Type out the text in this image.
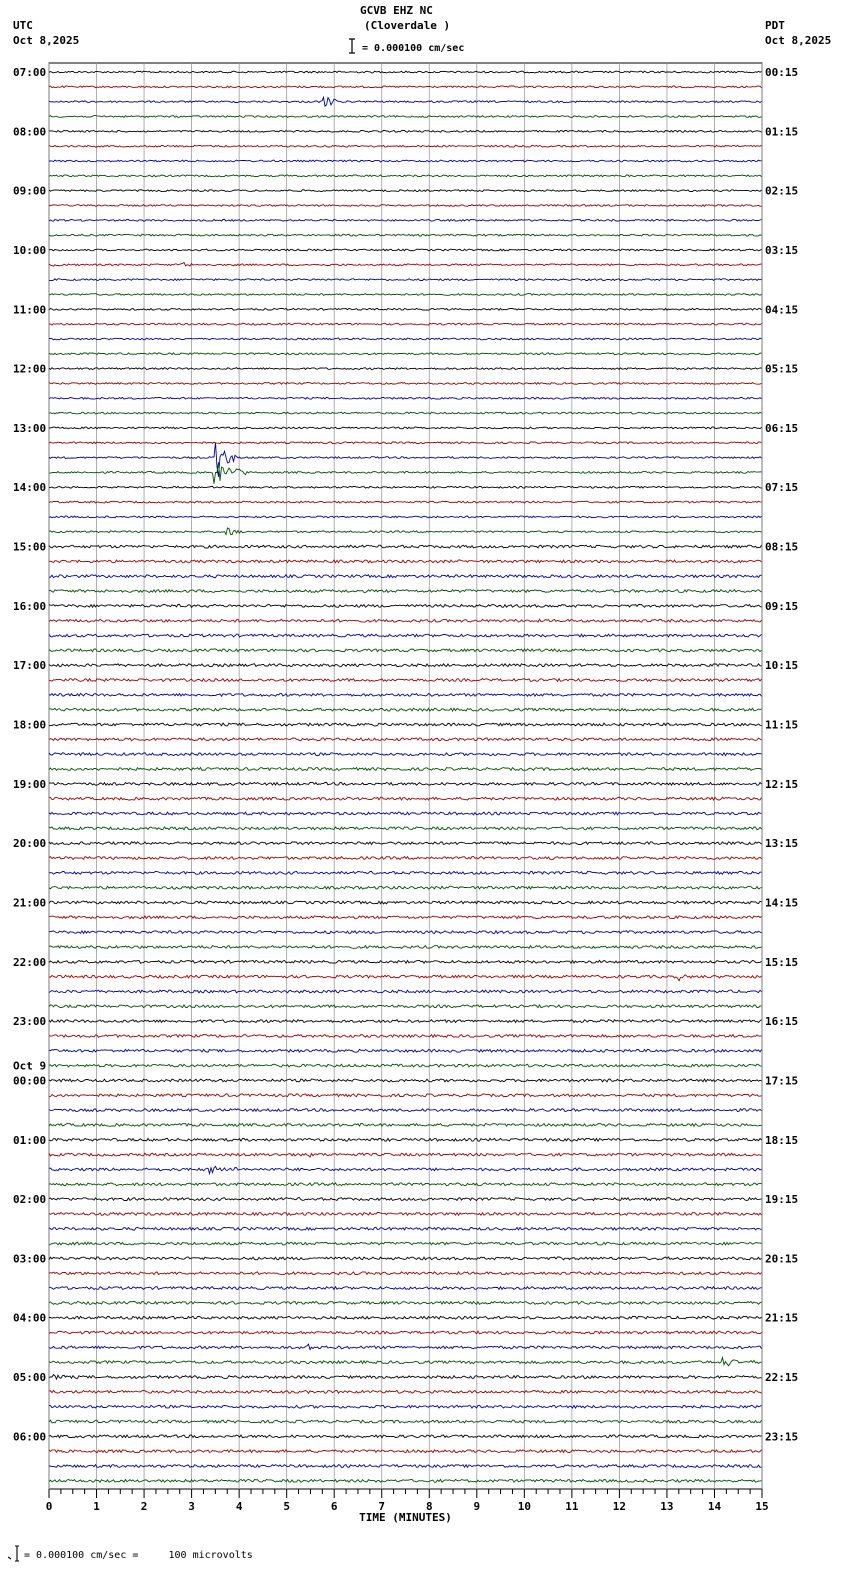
GCVB EHZ NC
(Cloverdale )
UTC
Oct 8,2025
PDT
Oct 8,2025
= 0.000100 cm/sec
0	1	2	3	4	5	6	7	8	9	10	11	12	13	14	15
TIME (MINUTES)
07:00
08:00
09:00
10:00
11:00
12:00
13:00
14:00
15:00
16:00
17:00
18:00
19:00
20:00
21:00
22:00
23:00
Oct 9
00:00
01:00
02:00
03:00
04:00
05:00
06:00
00:15
01:15
02:15
03:15
04:15
05:15
06:15
07:15
08:15
09:15
10:15
11:15
12:15
13:15
14:15
15:15
16:15
17:15
18:15
19:15
20:15
21:15
22:15
23:15
= 0.000100 cm/sec =     100 microvolts
